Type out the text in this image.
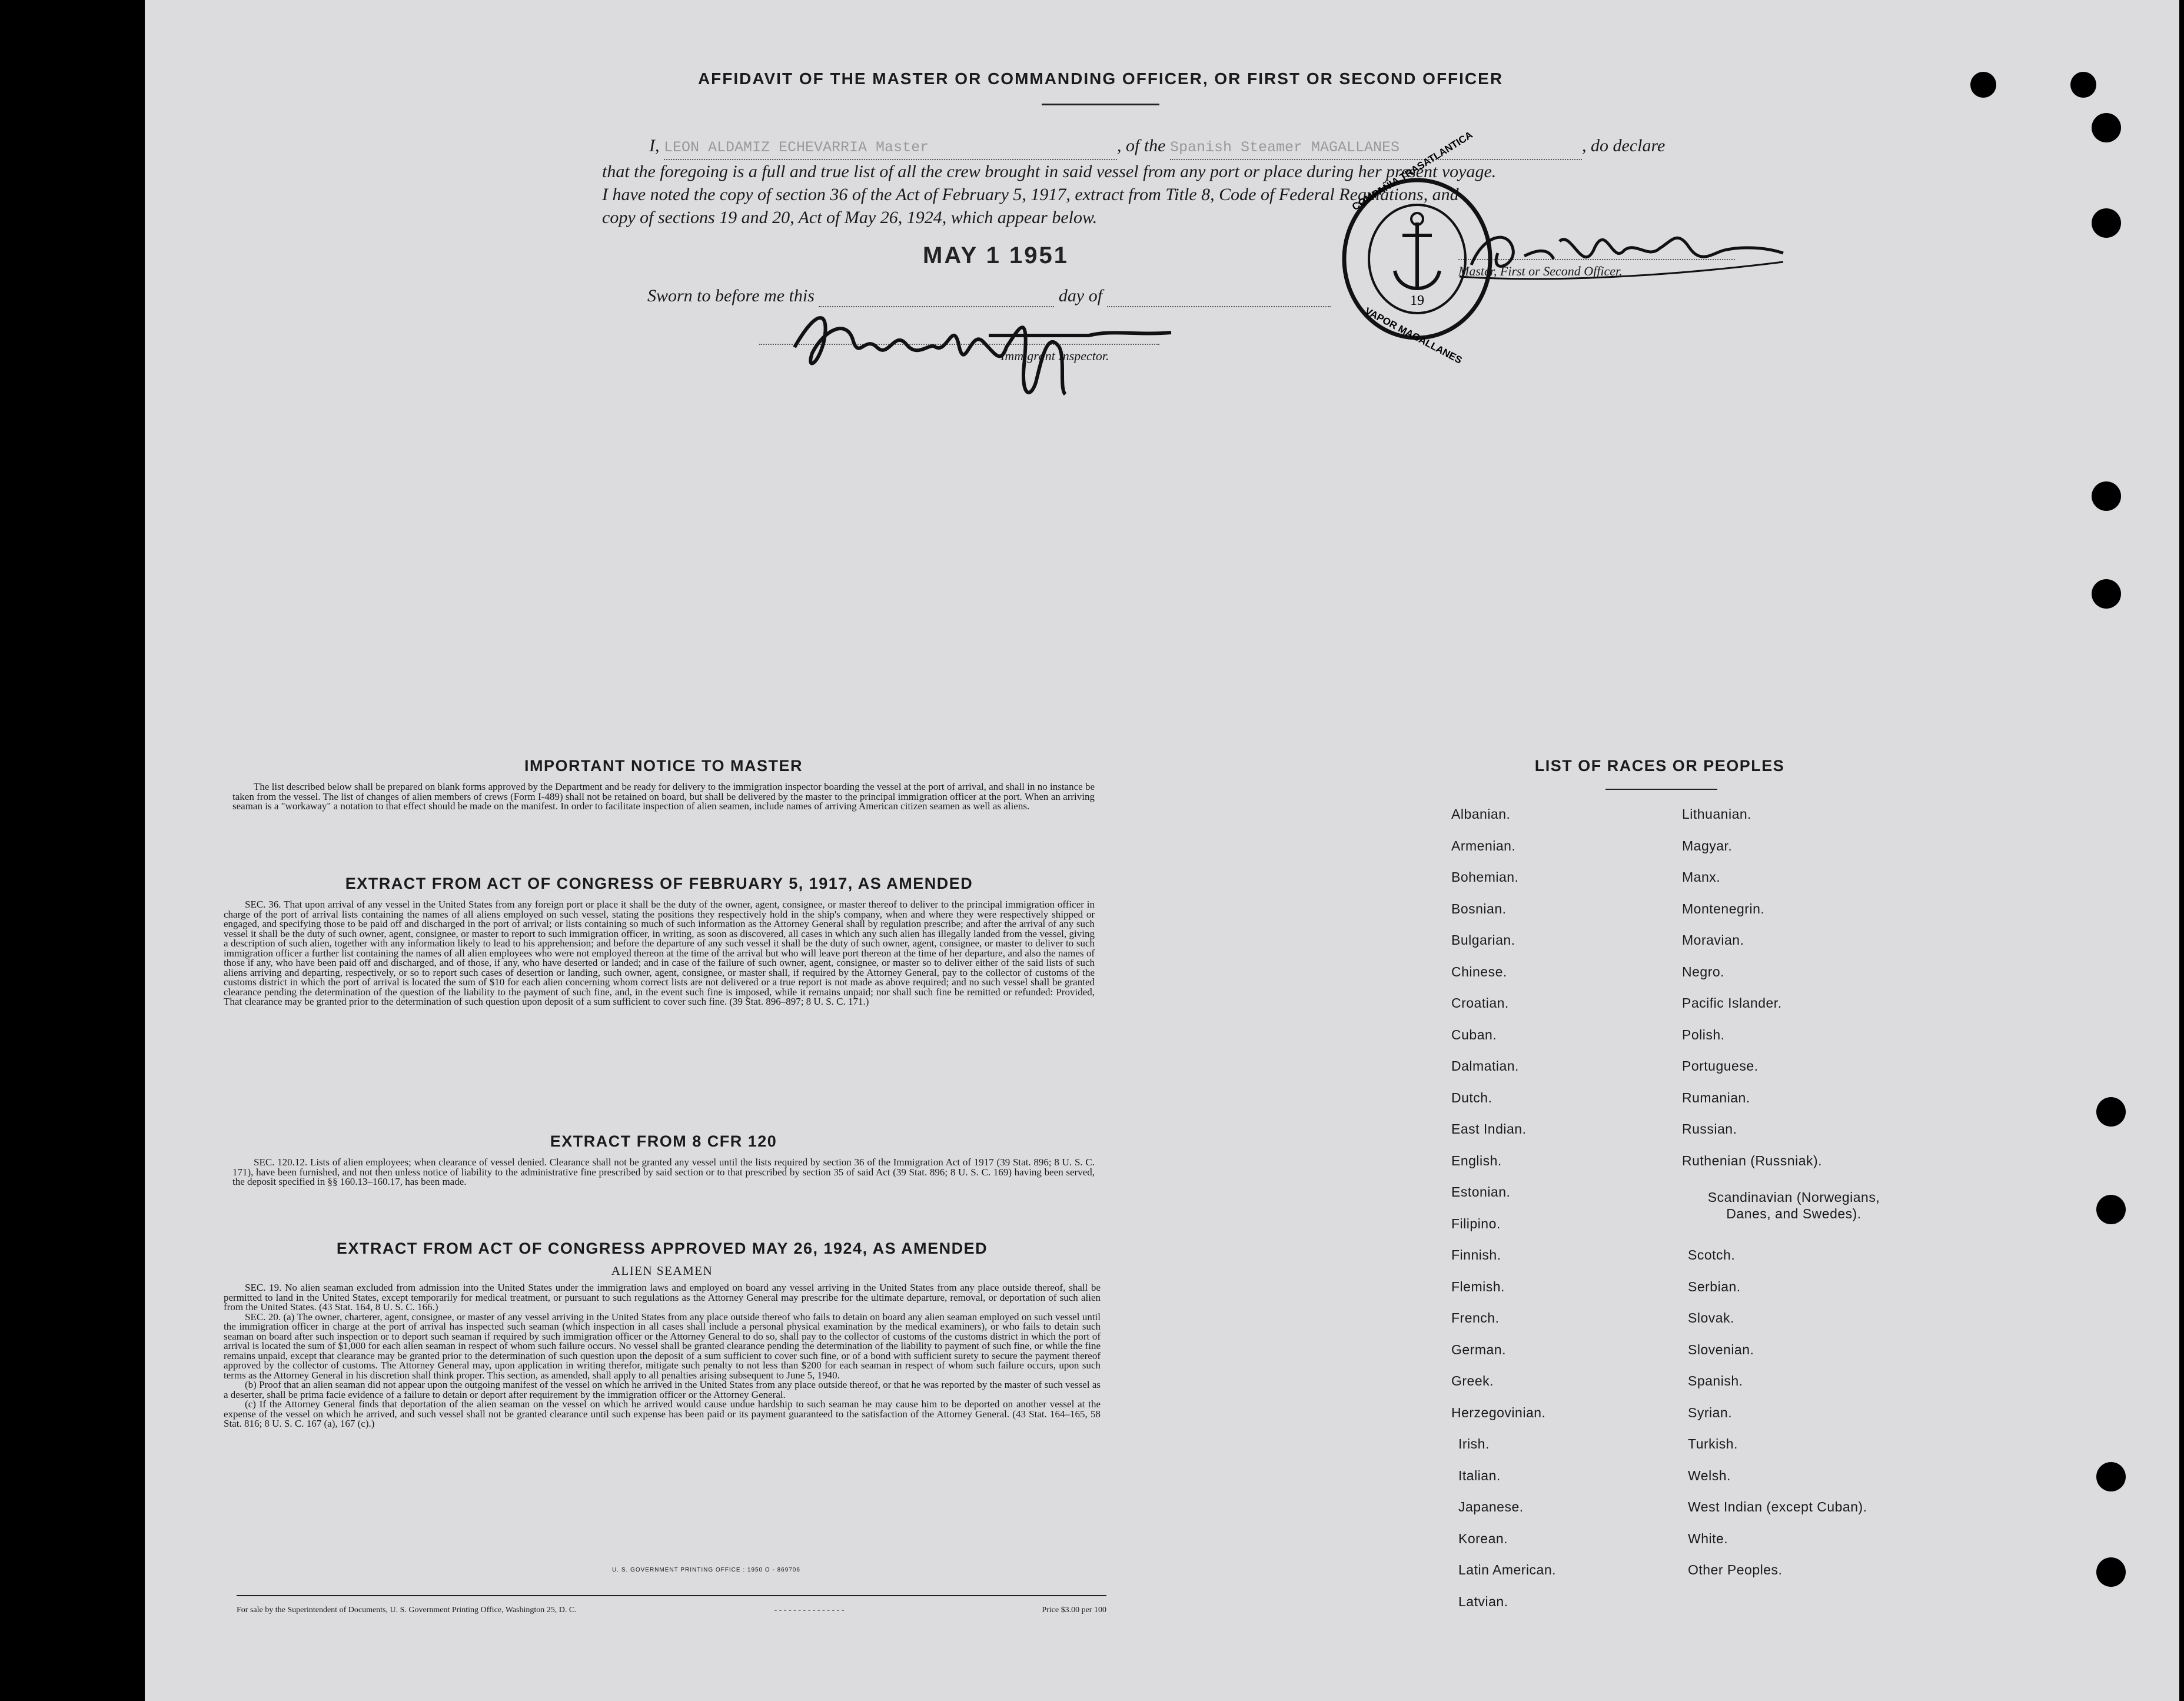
AFFIDAVIT OF THE MASTER OR COMMANDING OFFICER, OR FIRST OR SECOND OFFICER
I, LEON ALDAMIZ ECHEVARRIA Master	, of the Spanish Steamer MAGALLANES	, do declare
that the foregoing is a full and true list of all the crew brought in said vessel from any port or place during her present voyage.
I have noted the copy of section 36 of the Act of February 5, 1917, extract from Title 8, Code of Federal Regulations, and
copy of sections 19 and 20, Act of May 26, 1924, which appear below.
MAY 1 1951
Sworn to before me this	day of
Immigrant Inspector.
Master, First or Second Officer.
19
COMPAÑIA TRASATLANTICA
VAPOR MAGALLANES
IMPORTANT NOTICE TO MASTER

The list described below shall be prepared on blank forms approved by the Department and be ready for delivery to the immigration inspector boarding the vessel at the port of arrival, and shall in no instance be taken from the vessel. The list of changes of alien members of crews (Form I-489) shall not be retained on board, but shall be delivered by the master to the principal immigration officer at the port. When an arriving seaman is a "workaway" a notation to that effect should be made on the manifest. In order to facilitate inspection of alien seamen, include names of arriving American citizen seamen as well as aliens.

EXTRACT FROM ACT OF CONGRESS OF FEBRUARY 5, 1917, AS AMENDED

SEC. 36. That upon arrival of any vessel in the United States from any foreign port or place it shall be the duty of the owner, agent, consignee, or master thereof to deliver to the principal immigration officer in charge of the port of arrival lists containing the names of all aliens employed on such vessel, stating the positions they respectively hold in the ship's company, when and where they were respectively shipped or engaged, and specifying those to be paid off and discharged in the port of arrival; or lists containing so much of such information as the Attorney General shall by regulation prescribe; and after the arrival of any such vessel it shall be the duty of such owner, agent, consignee, or master to report to such immigration officer, in writing, as soon as discovered, all cases in which any such alien has illegally landed from the vessel, giving a description of such alien, together with any information likely to lead to his apprehension; and before the departure of any such vessel it shall be the duty of such owner, agent, consignee, or master to deliver to such immigration officer a further list containing the names of all alien employees who were not employed thereon at the time of the arrival but who will leave port thereon at the time of her departure, and also the names of those if any, who have been paid off and discharged, and of those, if any, who have deserted or landed; and in case of the failure of such owner, agent, consignee, or master so to deliver either of the said lists of such aliens arriving and departing, respectively, or so to report such cases of desertion or landing, such owner, agent, consignee, or master shall, if required by the Attorney General, pay to the collector of customs of the customs district in which the port of arrival is located the sum of $10 for each alien concerning whom correct lists are not delivered or a true report is not made as above required; and no such vessel shall be granted clearance pending the determination of the question of the liability to the payment of such fine, and, in the event such fine is imposed, while it remains unpaid; nor shall such fine be remitted or refunded: Provided, That clearance may be granted prior to the determination of such question upon deposit of a sum sufficient to cover such fine. (39 Stat. 896–897; 8 U. S. C. 171.)

EXTRACT FROM 8 CFR 120

SEC. 120.12. Lists of alien employees; when clearance of vessel denied. Clearance shall not be granted any vessel until the lists required by section 36 of the Immigration Act of 1917 (39 Stat. 896; 8 U. S. C. 171), have been furnished, and not then unless notice of liability to the administrative fine prescribed by said section or to that prescribed by section 35 of said Act (39 Stat. 896; 8 U. S. C. 169) having been served, the deposit specified in §§ 160.13–160.17, has been made.

EXTRACT FROM ACT OF CONGRESS APPROVED MAY 26, 1924, AS AMENDED
ALIEN SEAMEN

SEC. 19. No alien seaman excluded from admission into the United States under the immigration laws and employed on board any vessel arriving in the United States from any place outside thereof, shall be permitted to land in the United States, except temporarily for medical treatment, or pursuant to such regulations as the Attorney General may prescribe for the ultimate departure, removal, or deportation of such alien from the United States. (43 Stat. 164, 8 U. S. C. 166.)

SEC. 20. (a) The owner, charterer, agent, consignee, or master of any vessel arriving in the United States from any place outside thereof who fails to detain on board any alien seaman employed on such vessel until the immigration officer in charge at the port of arrival has inspected such seaman (which inspection in all cases shall include a personal physical examination by the medical examiners), or who fails to detain such seaman on board after such inspection or to deport such seaman if required by such immigration officer or the Attorney General to do so, shall pay to the collector of customs of the customs district in which the port of arrival is located the sum of $1,000 for each alien seaman in respect of whom such failure occurs. No vessel shall be granted clearance pending the determination of the liability to payment of such fine, or while the fine remains unpaid, except that clearance may be granted prior to the determination of such question upon the deposit of a sum sufficient to cover such fine, or of a bond with sufficient surety to secure the payment thereof approved by the collector of customs. The Attorney General may, upon application in writing therefor, mitigate such penalty to not less than $200 for each seaman in respect of whom such failure occurs, upon such terms as the Attorney General in his discretion shall think proper. This section, as amended, shall apply to all penalties arising subsequent to June 5, 1940.

(b) Proof that an alien seaman did not appear upon the outgoing manifest of the vessel on which he arrived in the United States from any place outside thereof, or that he was reported by the master of such vessel as a deserter, shall be prima facie evidence of a failure to detain or deport after requirement by the immigration officer or the Attorney General.

(c) If the Attorney General finds that deportation of the alien seaman on the vessel on which he arrived would cause undue hardship to such seaman he may cause him to be deported on another vessel at the expense of the vessel on which he arrived, and such vessel shall not be granted clearance until such expense has been paid or its payment guaranteed to the satisfaction of the Attorney General. (43 Stat. 164–165, 58 Stat. 816; 8 U. S. C. 167 (a), 167 (c).)

U. S. GOVERNMENT PRINTING OFFICE : 1950 O - 869706
For sale by the Superintendent of Documents, U. S. Government Printing Office, Washington 25, D. C.	- - - - - - - - - - - - - - -	Price $3.00 per 100
LIST OF RACES OR PEOPLES
Albanian.
Armenian.
Bohemian.
Bosnian.
Bulgarian.
Chinese.
Croatian.
Cuban.
Dalmatian.
Dutch.
East Indian.
English.
Estonian.
Filipino.
Finnish.
Flemish.
French.
German.
Greek.
Herzegovinian.
Irish.
Italian.
Japanese.
Korean.
Latin American.
Latvian.
Lithuanian.
Magyar.
Manx.
Montenegrin.
Moravian.
Negro.
Pacific Islander.
Polish.
Portuguese.
Rumanian.
Russian.
Ruthenian (Russniak).
Scandinavian (Norwegians, Danes, and Swedes).
Scotch.
Serbian.
Slovak.
Slovenian.
Spanish.
Syrian.
Turkish.
Welsh.
West Indian (except Cuban).
White.
Other Peoples.
